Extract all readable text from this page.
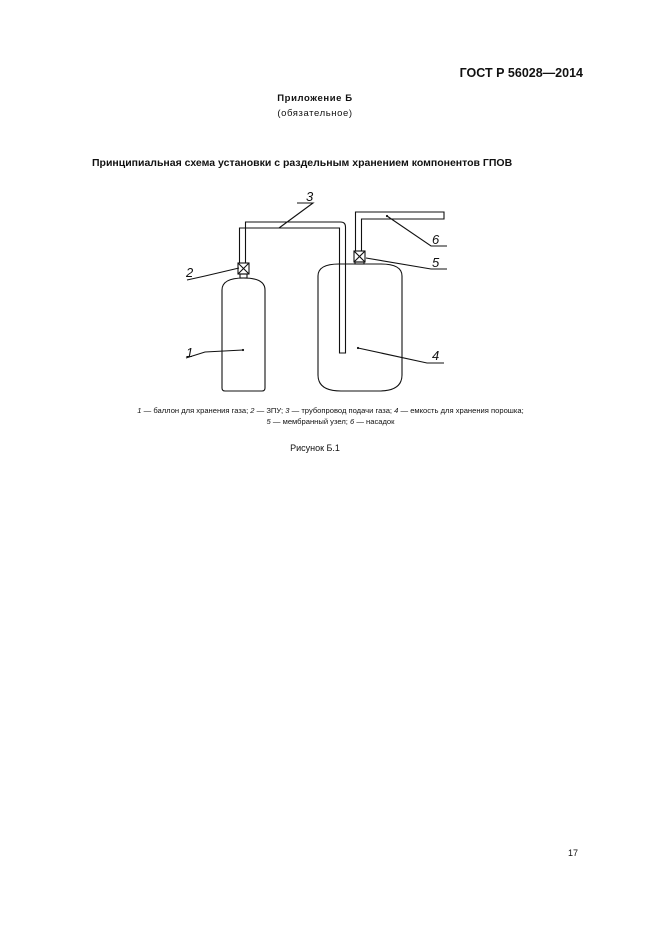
ГОСТ Р 56028—2014
Приложение Б
(обязательное)
Принципиальная схема установки с раздельным хранением компонентов ГПОВ
1
2
3
4
5
6
1 — баллон для хранения газа; 2 — ЗПУ; 3 — трубопровод подачи газа; 4 — емкость для хранения порошка;
5 — мембранный узел; 6 — насадок
Рисунок Б.1
17
